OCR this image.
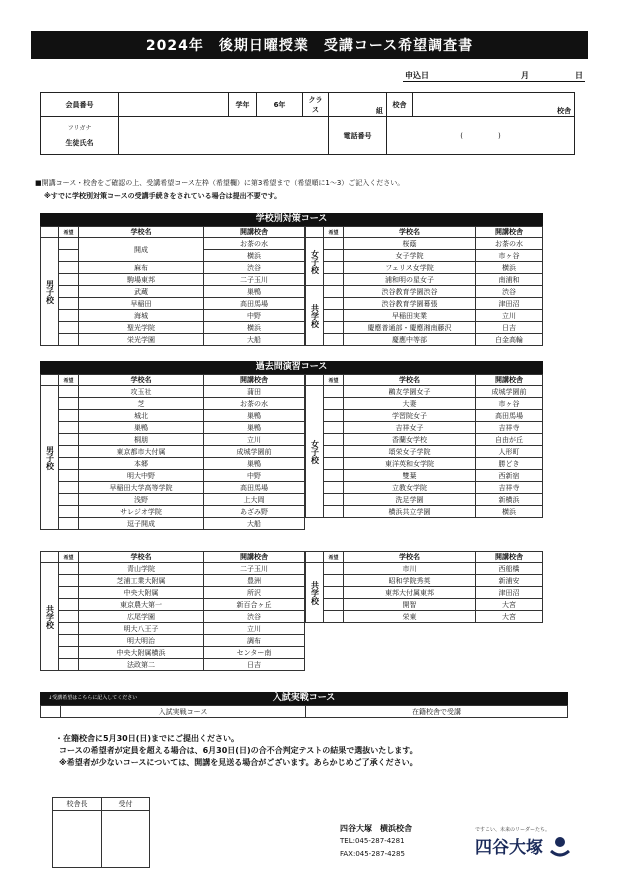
2024年　後期日曜授業　受講コース希望調査書
申込日	月	日
会員番号		学年	6年	クラス	組	校舎	校舎

フリガナ
生徒氏名					電話番号	(　　　　　)	
■開講コース・校舎をご確認の上、受講希望コース左枠（希望欄）に第3希望まで（希望順に1〜3）ご記入ください。
※すでに学校別対策コースの受講手続きをされている場合は提出不要です。
学校別対策コース
	希望	学校名	開講校舎
男子校		開成	お茶の水
			横浜
		麻布	渋谷
		駒場東邦	二子玉川
		武蔵	巣鴨
		早稲田	高田馬場
		海城	中野
		聖光学院	横浜
		栄光学園	大船
	希望	学校名	開講校舎
女子校		桜蔭	お茶の水
		女子学院	市ヶ谷
		フェリス女学院	横浜
		浦和明の星女子	南浦和
共学校		渋谷教育学園渋谷	渋谷
		渋谷教育学園幕張	津田沼
		早稲田実業	立川
		慶應普通部・慶應湘南藤沢	日吉
		慶應中等部	白金高輪
過去問演習コース
	希望	学校名	開講校舎
男子校		攻玉社	蒲田
		芝	お茶の水
		城北	巣鴨
		巣鴨	巣鴨
		桐朋	立川
		東京都市大付属	成城学園前
		本郷	巣鴨
		明大中野	中野
		早稲田大学高等学院	高田馬場
		浅野	上大岡
		サレジオ学院	あざみ野
		逗子開成	大船
	希望	学校名	開講校舎
女子校		鷗友学園女子	成城学園前
		大妻	市ヶ谷
		学習院女子	高田馬場
		吉祥女子	吉祥寺
		香蘭女学校	自由が丘
		頌栄女子学院	人形町
		東洋英和女学院	勝どき
		雙葉	西新宿
		立教女学院	吉祥寺
		洗足学園	新横浜
		横浜共立学園	横浜
	希望	学校名	開講校舎
共学校		青山学院	二子玉川
		芝浦工業大附属	豊洲
		中央大附属	所沢
		東京農大第一	新百合ヶ丘
		広尾学園	渋谷
		明大八王子	立川
		明大明治	調布
		中央大附属横浜	センター南
		法政第二	日吉
	希望	学校名	開講校舎
共学校		市川	西船橋
		昭和学院秀英	新浦安
		東邦大付属東邦	津田沼
		開智	大宮
		栄東	大宮
入試実戦コース
↓受講希望はこちらに記入してください
	入試実戦コース	在籍校舎で受講
・在籍校舎に5月30日(日)までにご提出ください。
コースの希望者が定員を超える場合は、6月30日(日)の合不合判定テストの結果で選抜いたします。
※希望者が少ないコースについては、開講を見送る場合がございます。あらかじめご了承ください。
校舎長	受付

四谷大塚　横浜校舎
TEL:045-287-4281
FAX:045-287-4285
ですこい、未来のリーダーたち。
四谷大塚
